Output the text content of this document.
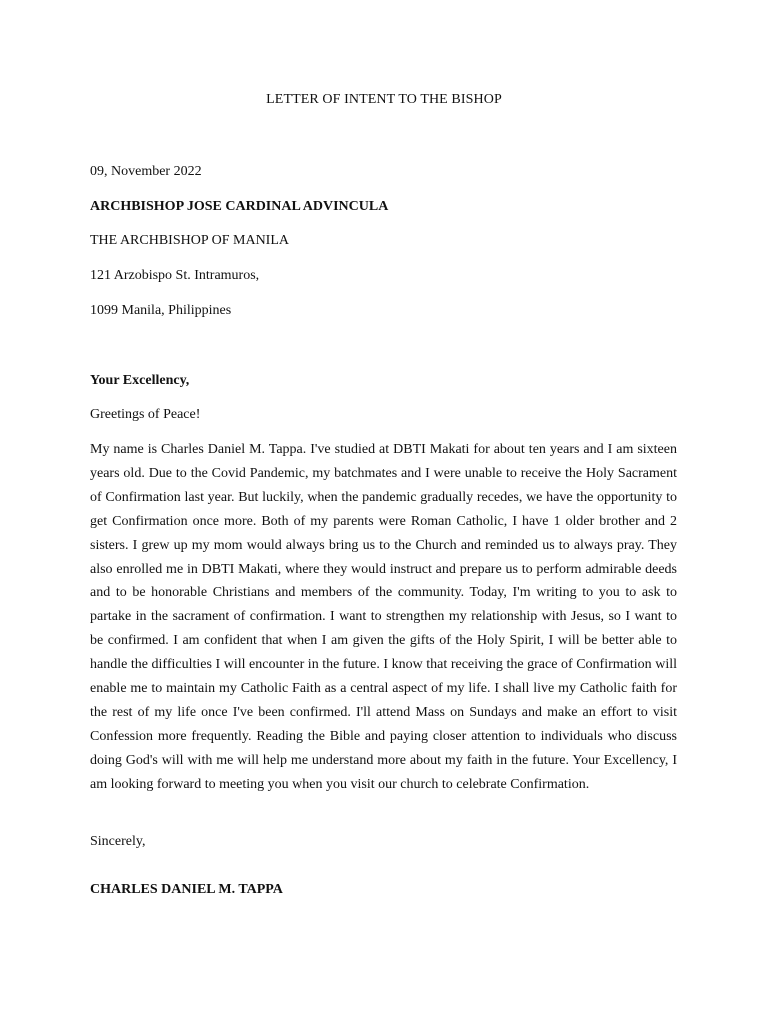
LETTER OF INTENT TO THE BISHOP

09, November 2022

ARCHBISHOP JOSE CARDINAL ADVINCULA

THE ARCHBISHOP OF MANILA

121 Arzobispo St. Intramuros,

1099 Manila, Philippines

Your Excellency,

Greetings of Peace!

My name is Charles Daniel M. Tappa. I've studied at DBTI Makati for about ten years and I am sixteen years old. Due to the Covid Pandemic, my batchmates and I were unable to receive the Holy Sacrament of Confirmation last year. But luckily, when the pandemic gradually recedes, we have the opportunity to get Confirmation once more. Both of my parents were Roman Catholic, I have 1 older brother and 2 sisters. I grew up my mom would always bring us to the Church and reminded us to always pray. They also enrolled me in DBTI Makati, where they would instruct and prepare us to perform admirable deeds and to be honorable Christians and members of the community. Today, I'm writing to you to ask to partake in the sacrament of confirmation. I want to strengthen my relationship with Jesus, so I want to be confirmed. I am confident that when I am given the gifts of the Holy Spirit, I will be better able to handle the difficulties I will encounter in the future. I know that receiving the grace of Confirmation will enable me to maintain my Catholic Faith as a central aspect of my life. I shall live my Catholic faith for the rest of my life once I've been confirmed. I'll attend Mass on Sundays and make an effort to visit Confession more frequently. Reading the Bible and paying closer attention to individuals who discuss doing God's will with me will help me understand more about my faith in the future. Your Excellency, I am looking forward to meeting you when you visit our church to celebrate Confirmation.

Sincerely,

CHARLES DANIEL M. TAPPA
